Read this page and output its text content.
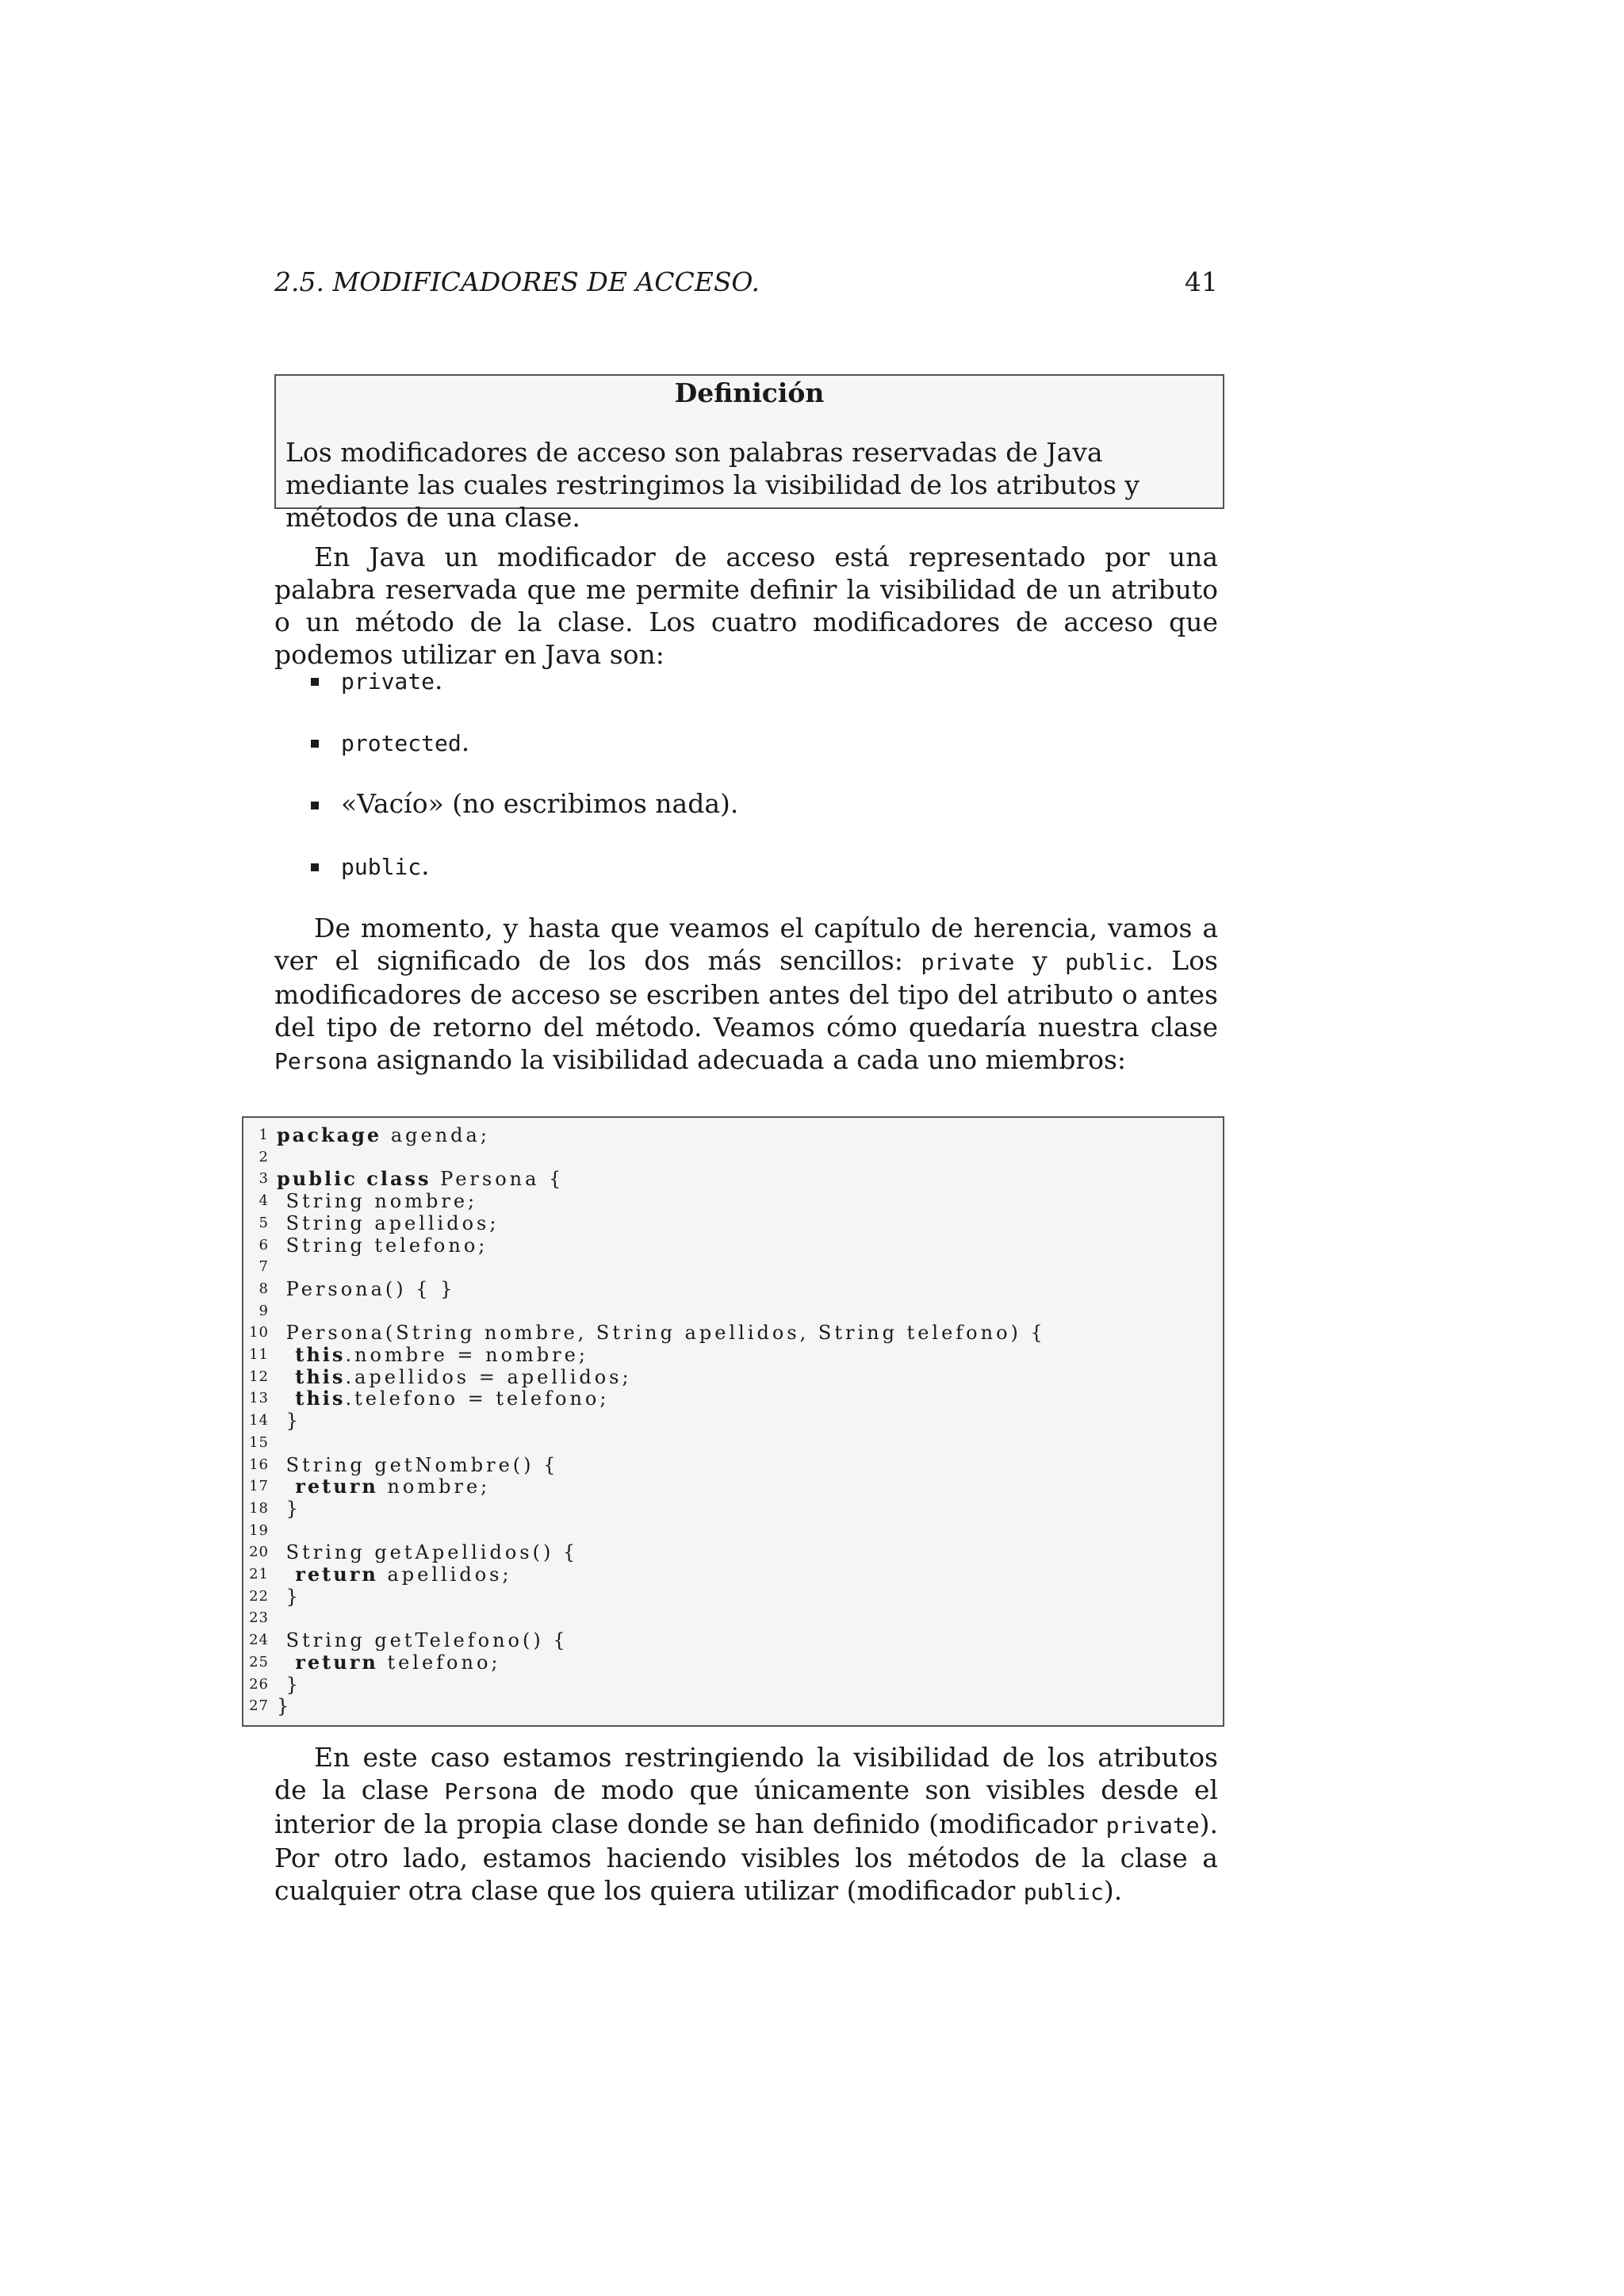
2.5. MODIFICADORES DE ACCESO.	41
Definición
Los modificadores de acceso son palabras reservadas de Java mediante las cuales restringimos la visibilidad de los atributos y métodos de una clase.

En Java un modificador de acceso está representado por una palabra reservada que me permite definir la visibilidad de un atributo o un método de la clase. Los cuatro modificadores de acceso que podemos utilizar en Java son:

private.
protected.
«Vacío» (no escribimos nada).
public.

De momento, y hasta que veamos el capítulo de herencia, vamos a ver el significado de los dos más sencillos: private y public. Los modificadores de acceso se escriben antes del tipo del atributo o antes del tipo de retorno del método. Veamos cómo quedaría nuestra clase Persona asignando la visibilidad adecuada a cada uno miembros:

1 package agenda;
2
3 public class Persona {
4 String nombre;
5 String apellidos;
6 String telefono;
7
8 Persona() { }
9
10 Persona(String nombre, String apellidos, String telefono) {
11	this.nombre = nombre;
12	this.apellidos = apellidos;
13	this.telefono = telefono;
14 }
15
16 String getNombre() {
17	return nombre;
18 }
19
20 String getApellidos() {
21	return apellidos;
22 }
23
24 String getTelefono() {
25	return telefono;
26 }
27 }

En este caso estamos restringiendo la visibilidad de los atributos de la clase Persona de modo que únicamente son visibles desde el interior de la propia clase donde se han definido (modificador private). Por otro lado, estamos haciendo visibles los métodos de la clase a cualquier otra clase que los quiera utilizar (modificador public).
